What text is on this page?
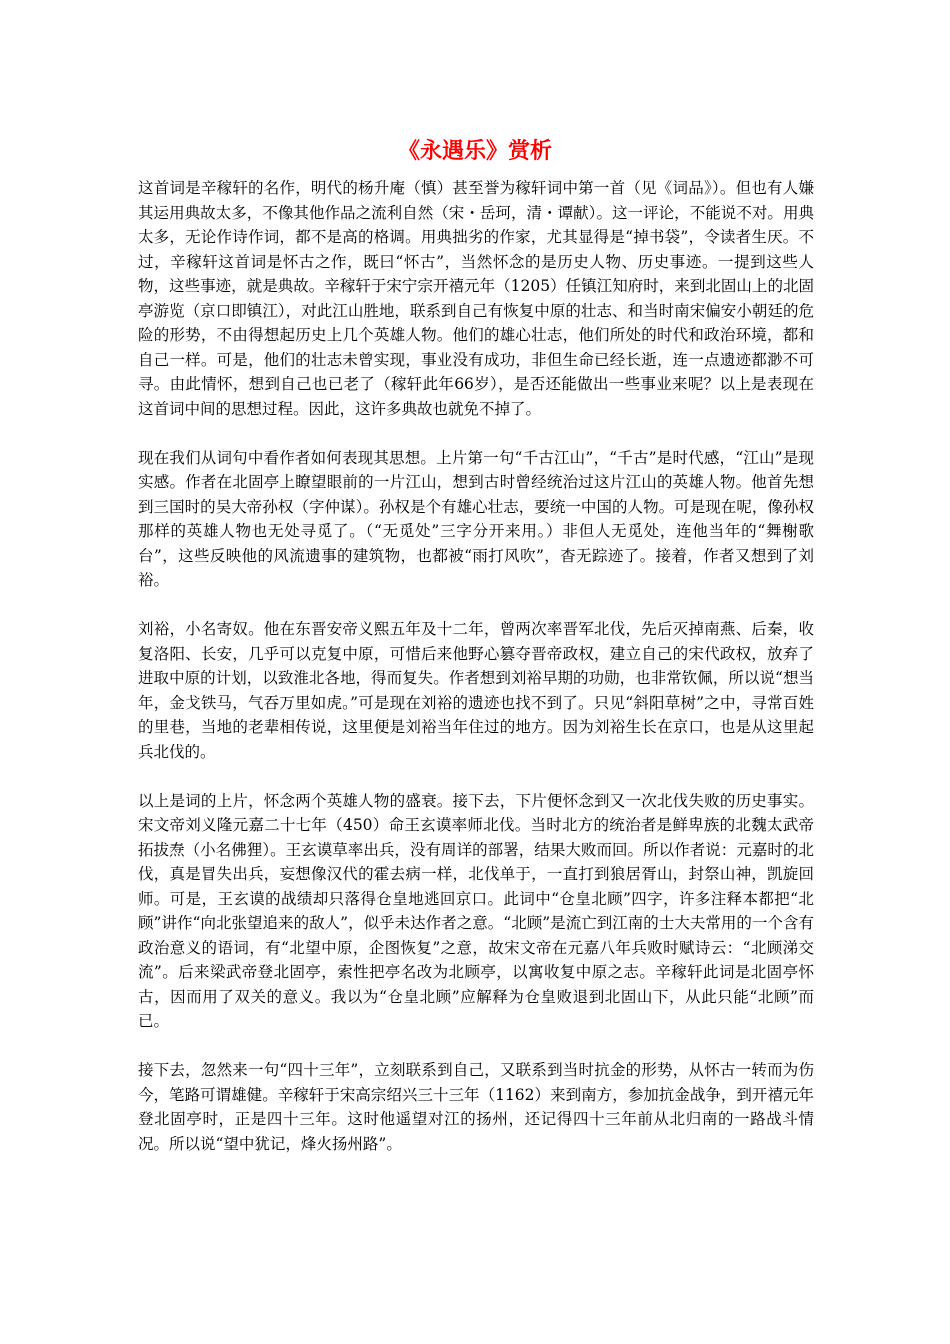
《永遇乐》赏析

这首词是辛稼轩的名作，明代的杨升庵（慎）甚至誉为稼轩词中第一首（见《词品》）。但也有人嫌其运用典故太多，不像其他作品之流利自然（宋・岳珂，清・谭献）。这一评论，不能说不对。用典太多，无论作诗作词，都不是高的格调。用典拙劣的作家，尤其显得是“掉书袋”，令读者生厌。不过，辛稼轩这首词是怀古之作，既曰“怀古”，当然怀念的是历史人物、历史事迹。一提到这些人物，这些事迹，就是典故。辛稼轩于宋宁宗开禧元年（1205）任镇江知府时，来到北固山上的北固亭游览（京口即镇江），对此江山胜地，联系到自己有恢复中原的壮志、和当时南宋偏安小朝廷的危险的形势，不由得想起历史上几个英雄人物。他们的雄心壮志，他们所处的时代和政治环境，都和自己一样。可是，他们的壮志未曾实现，事业没有成功，非但生命已经长逝，连一点遗迹都渺不可寻。由此情怀，想到自己也已老了（稼轩此年66岁），是否还能做出一些事业来呢？以上是表现在这首词中间的思想过程。因此，这许多典故也就免不掉了。

现在我们从词句中看作者如何表现其思想。上片第一句“千古江山”，“千古”是时代感，“江山”是现实感。作者在北固亭上瞭望眼前的一片江山，想到古时曾经统治过这片江山的英雄人物。他首先想到三国时的吴大帝孙权（字仲谋）。孙权是个有雄心壮志，要统一中国的人物。可是现在呢，像孙权那样的英雄人物也无处寻觅了。（“无觅处”三字分开来用。）非但人无觅处，连他当年的“舞榭歌台”，这些反映他的风流遗事的建筑物，也都被“雨打风吹”，杳无踪迹了。接着，作者又想到了刘裕。

刘裕，小名寄奴。他在东晋安帝义熙五年及十二年，曾两次率晋军北伐，先后灭掉南燕、后秦，收复洛阳、长安，几乎可以克复中原，可惜后来他野心篡夺晋帝政权，建立自己的宋代政权，放弃了进取中原的计划，以致淮北各地，得而复失。作者想到刘裕早期的功勋，也非常钦佩，所以说“想当年，金戈铁马，气吞万里如虎。”可是现在刘裕的遗迹也找不到了。只见“斜阳草树”之中，寻常百姓的里巷，当地的老辈相传说，这里便是刘裕当年住过的地方。因为刘裕生长在京口，也是从这里起兵北伐的。

以上是词的上片，怀念两个英雄人物的盛衰。接下去，下片便怀念到又一次北伐失败的历史事实。宋文帝刘义隆元嘉二十七年（450）命王玄谟率师北伐。当时北方的统治者是鲜卑族的北魏太武帝拓拔焘（小名佛狸）。王玄谟草率出兵，没有周详的部署，结果大败而回。所以作者说：元嘉时的北伐，真是冒失出兵，妄想像汉代的霍去病一样，北伐单于，一直打到狼居胥山，封祭山神，凯旋回师。可是，王玄谟的战绩却只落得仓皇地逃回京口。此词中“仓皇北顾”四字，许多注释本都把“北顾”讲作“向北张望追来的敌人”，似乎未达作者之意。“北顾”是流亡到江南的士大夫常用的一个含有政治意义的语词，有“北望中原，企图恢复”之意，故宋文帝在元嘉八年兵败时赋诗云：“北顾涕交流”。后来梁武帝登北固亭，索性把亭名改为北顾亭，以寓收复中原之志。辛稼轩此词是北固亭怀古，因而用了双关的意义。我以为“仓皇北顾”应解释为仓皇败退到北固山下，从此只能“北顾”而已。

接下去，忽然来一句“四十三年”，立刻联系到自己，又联系到当时抗金的形势，从怀古一转而为伤今，笔路可谓雄健。辛稼轩于宋高宗绍兴三十三年（1162）来到南方，参加抗金战争，到开禧元年登北固亭时，正是四十三年。这时他遥望对江的扬州，还记得四十三年前从北归南的一路战斗情况。所以说“望中犹记，烽火扬州路”。
